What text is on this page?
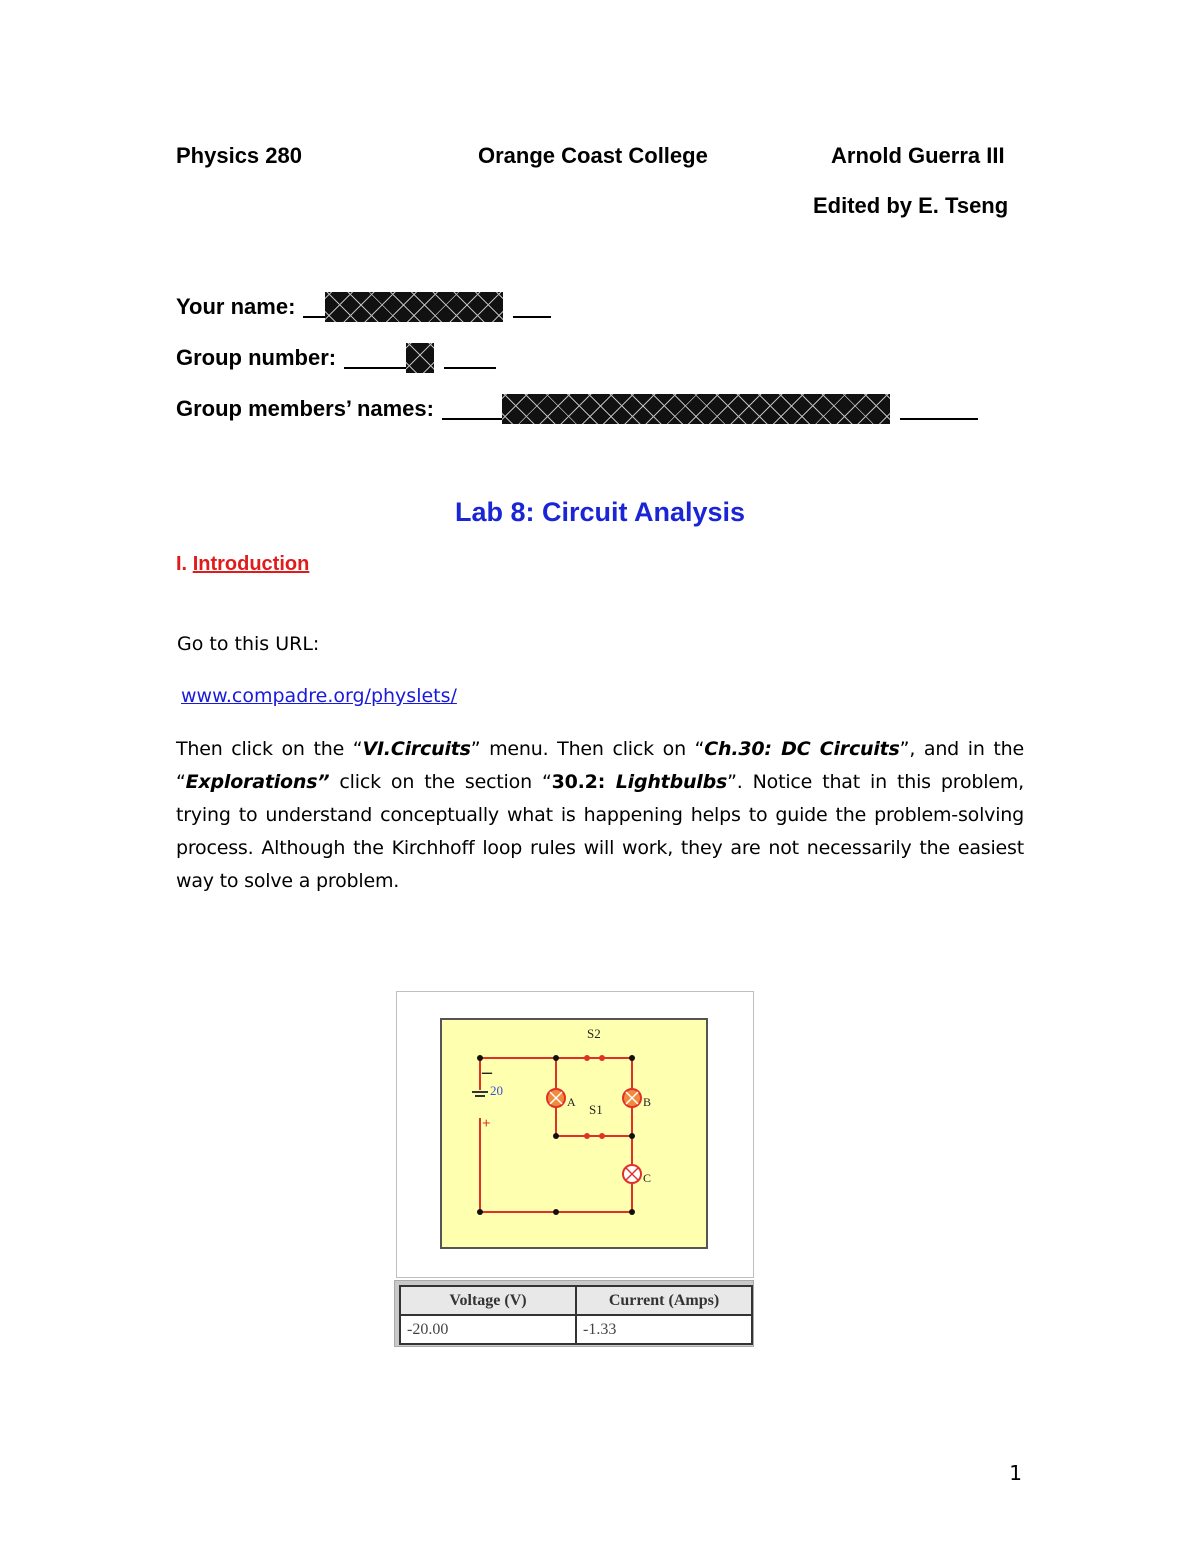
Physics 280	Orange Coast College	Arnold Guerra III
Edited by E. Tseng
Your name:
Group number:
Group members’ names:
Lab 8: Circuit Analysis
I. Introduction
Go to this URL:
www.compadre.org/physlets/
Then click on the “VI.Circuits” menu. Then click on “Ch.30: DC Circuits”, and in the “Explorations” click on the section “30.2: Lightbulbs”. Notice that in this problem, trying to understand conceptually what is happening helps to guide the problem-solving process. Although the Kirchhoff loop rules will work, they are not necessarily the easiest way to solve a problem.
–
20
+
S2
S1
A	B
C
Voltage (V)	Current (Amps)
-20.00	-1.33
1
